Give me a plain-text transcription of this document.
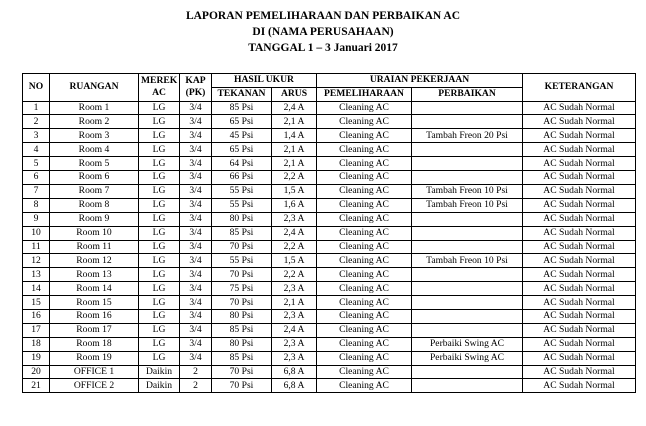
LAPORAN PEMELIHARAAN DAN PERBAIKAN AC
DI (NAMA PERUSAHAAN)
TANGGAL 1 – 3 Januari 2017
NO	RUANGAN	MEREK AC	KAP (PK)	HASIL UKUR		URAIAN PEKERJAAN		KETERANGAN
				TEKANAN	ARUS	PEMELIHARAAN	PERBAIKAN	
1	Room 1	LG	3/4	85 Psi	2,4 A	Cleaning AC		AC Sudah Normal
2	Room 2	LG	3/4	65 Psi	2,1 A	Cleaning AC		AC Sudah Normal
3	Room 3	LG	3/4	45 Psi	1,4 A	Cleaning AC	Tambah Freon 20 Psi	AC Sudah Normal
4	Room 4	LG	3/4	65 Psi	2,1 A	Cleaning AC		AC Sudah Normal
5	Room 5	LG	3/4	64 Psi	2,1 A	Cleaning AC		AC Sudah Normal
6	Room 6	LG	3/4	66 Psi	2,2 A	Cleaning AC		AC Sudah Normal
7	Room 7	LG	3/4	55 Psi	1,5 A	Cleaning AC	Tambah Freon 10 Psi	AC Sudah Normal
8	Room 8	LG	3/4	55 Psi	1,6 A	Cleaning AC	Tambah Freon 10 Psi	AC Sudah Normal
9	Room 9	LG	3/4	80 Psi	2,3 A	Cleaning AC		AC Sudah Normal
10	Room 10	LG	3/4	85 Psi	2,4 A	Cleaning AC		AC Sudah Normal
11	Room 11	LG	3/4	70 Psi	2,2 A	Cleaning AC		AC Sudah Normal
12	Room 12	LG	3/4	55 Psi	1,5 A	Cleaning AC	Tambah Freon 10 Psi	AC Sudah Normal
13	Room 13	LG	3/4	70 Psi	2,2 A	Cleaning AC		AC Sudah Normal
14	Room 14	LG	3/4	75 Psi	2,3 A	Cleaning AC		AC Sudah Normal
15	Room 15	LG	3/4	70 Psi	2,1 A	Cleaning AC		AC Sudah Normal
16	Room 16	LG	3/4	80 Psi	2,3 A	Cleaning AC		AC Sudah Normal
17	Room 17	LG	3/4	85 Psi	2,4 A	Cleaning AC		AC Sudah Normal
18	Room 18	LG	3/4	80 Psi	2,3 A	Cleaning AC	Perbaiki Swing AC	AC Sudah Normal
19	Room 19	LG	3/4	85 Psi	2,3 A	Cleaning AC	Perbaiki Swing AC	AC Sudah Normal
20	OFFICE 1	Daikin	2	70 Psi	6,8 A	Cleaning AC		AC Sudah Normal
21	OFFICE 2	Daikin	2	70 Psi	6,8 A	Cleaning AC		AC Sudah Normal
